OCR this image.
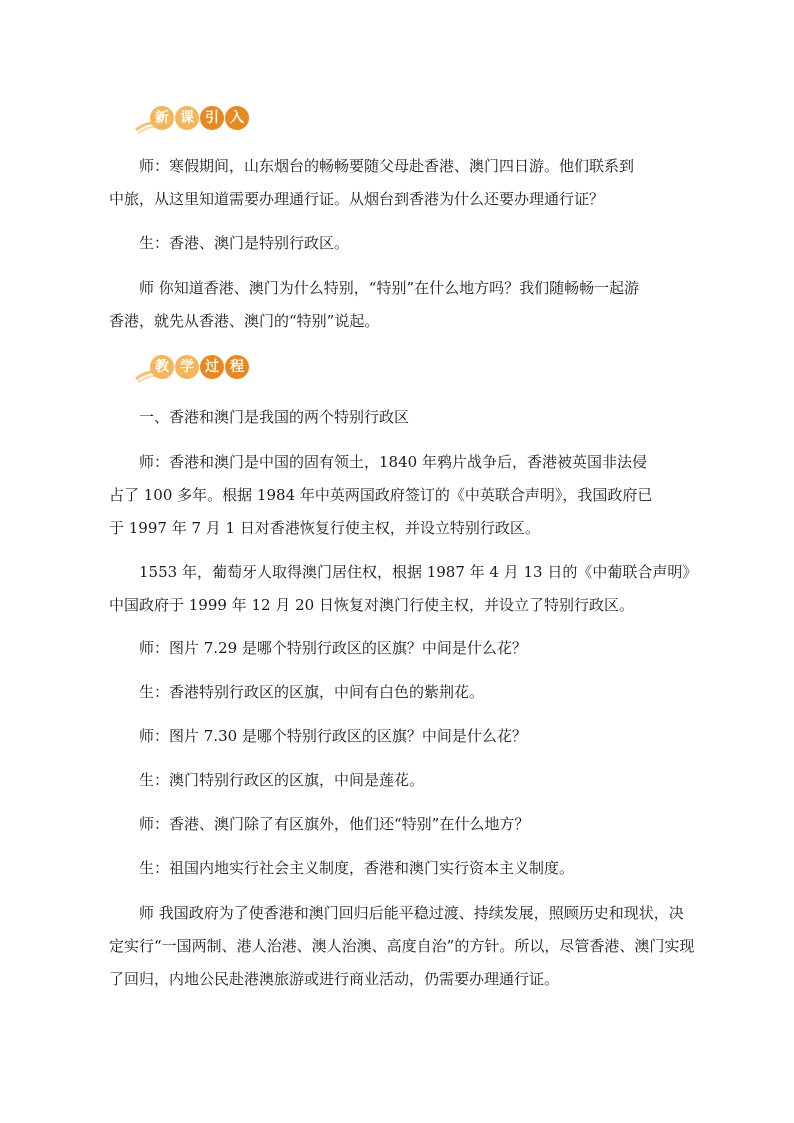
新 课 引 入

师：寒假期间，山东烟台的畅畅要随父母赴香港、澳门四日游。他们联系到
中旅，从这里知道需要办理通行证。从烟台到香港为什么还要办理通行证？

生：香港、澳门是特别行政区。

师 你知道香港、澳门为什么特别，“特别”在什么地方吗？我们随畅畅一起游
香港，就先从香港、澳门的“特别”说起。

教 学 过 程

一、香港和澳门是我国的两个特别行政区

师：香港和澳门是中国的固有领土，1840 年鸦片战争后，香港被英国非法侵
占了 100 多年。根据 1984 年中英两国政府签订的《中英联合声明》，我国政府已
于 1997 年 7 月 1 日对香港恢复行使主权，并设立特别行政区。

1553 年，葡萄牙人取得澳门居住权，根据 1987 年 4 月 13 日的《中葡联合声明》
中国政府于 1999 年 12 月 20 日恢复对澳门行使主权，并设立了特别行政区。

师：图片 7.29 是哪个特别行政区的区旗？中间是什么花？

生：香港特别行政区的区旗，中间有白色的紫荆花。

师：图片 7.30 是哪个特别行政区的区旗？中间是什么花？

生：澳门特别行政区的区旗，中间是莲花。

师：香港、澳门除了有区旗外，他们还“特别”在什么地方？

生：祖国内地实行社会主义制度，香港和澳门实行资本主义制度。

师 我国政府为了使香港和澳门回归后能平稳过渡、持续发展，照顾历史和现状，决
定实行“一国两制、港人治港、澳人治澳、高度自治”的方针。所以，尽管香港、澳门实现
了回归，内地公民赴港澳旅游或进行商业活动，仍需要办理通行证。
